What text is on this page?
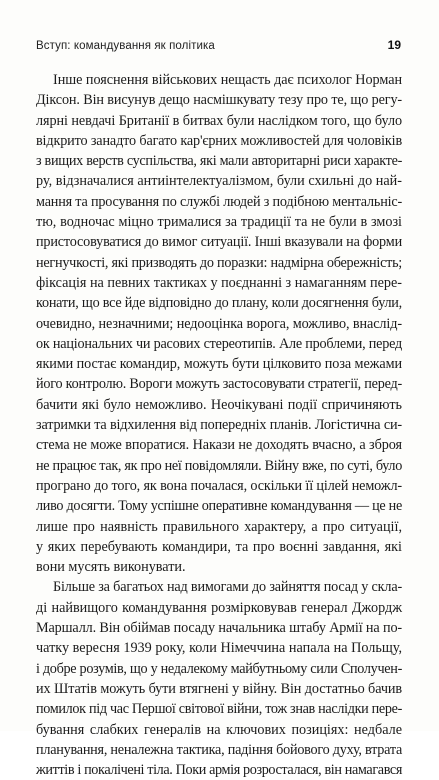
Вступ: командування як політика	19

Інше пояснення військових нещасть дає психолог Норман
Діксон. Він висунув дещо насмішкувату тезу про те, що регу-
лярні невдачі Британії в битвах були наслідком того, що було
відкрито занадто багато кар'єрних можливостей для чоловіків
з вищих верств суспільства, які мали авторитарні риси характе-
ру, відзначалися антиінтелектуалізмом, були схильні до най-
мання та просування по службі людей з подібною ментальніс-
тю, водночас міцно трималися за традиції та не були в змозі
пристосовуватися до вимог ситуації. Інші вказували на форми
негнучкості, які призводять до поразки: надмірна обережність;
фіксація на певних тактиках у поєднанні з намаганням пере-
конати, що все йде відповідно до плану, коли досягнення були,
очевидно, незначними; недооцінка ворога, можливо, внаслід-
ок національних чи расових стереотипів. Але проблеми, перед
якими постає командир, можуть бути цілковито поза межами
його контролю. Вороги можуть застосовувати стратегії, перед-
бачити які було неможливо. Неочікувані події спричиняють
затримки та відхилення від попередніх планів. Логістична си-
стема не може впоратися. Накази не доходять вчасно, а зброя
не працює так, як про неї повідомляли. Війну вже, по суті, було
програно до того, як вона почалася, оскільки її цілей неможл-
ливо досягти. Тому успішне оперативне командування — це не
лише про наявність правильного характеру, а про ситуації,
у яких перебувають командири, та про воєнні завдання, які
вони мусять виконувати.

Більше за багатьох над вимогами до зайняття посад у скла-
ді найвищого командування розмірковував генерал Джордж
Маршалл. Він обіймав посаду начальника штабу Армії на по-
чатку вересня 1939 року, коли Німеччина напала на Польщу,
і добре розумів, що у недалекому майбутньому сили Сполучен-
их Штатів можуть бути втягнені у війну. Він достатньо бачив
помилок під час Першої світової війни, тож знав наслідки пере-
бування слабких генералів на ключових позиціях: недбале
планування, неналежна тактика, падіння бойового духу, втрата
життів і покалічені тіла. Поки армія розросталася, він намагався
